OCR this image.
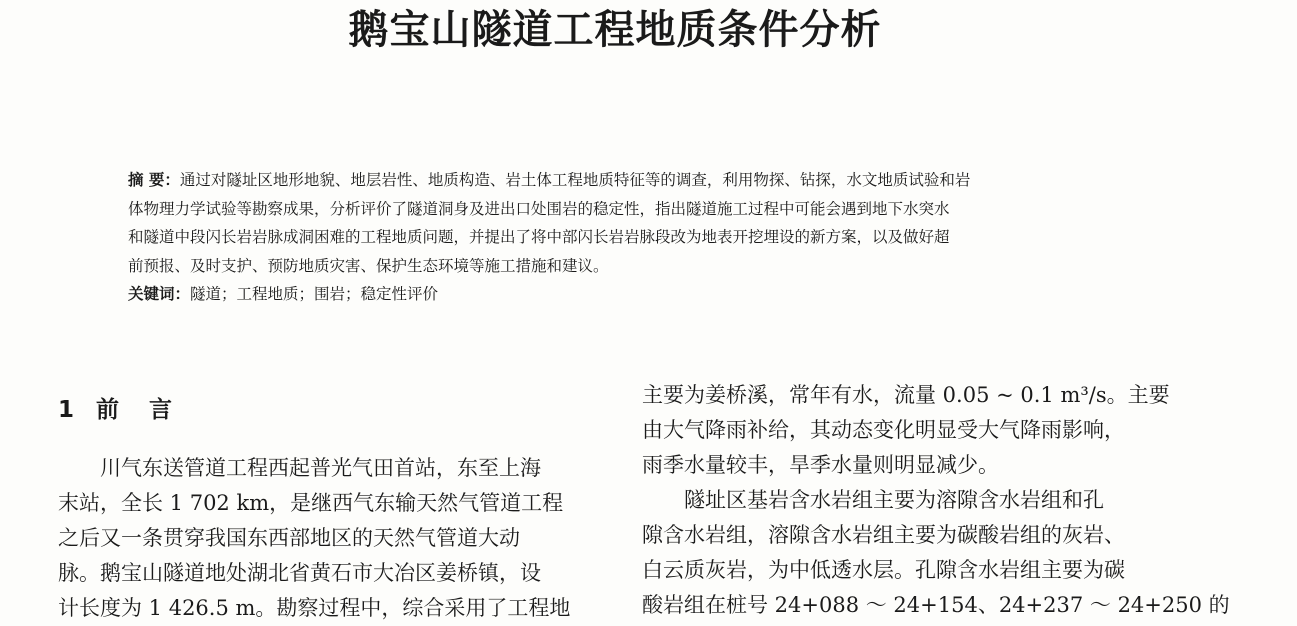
鹅宝山隧道工程地质条件分析

摘 要：通过对隧址区地形地貌、地层岩性、地质构造、岩土体工程地质特征等的调查，利用物探、钻探，水文地质试验和岩

体物理力学试验等勘察成果，分析评价了隧道洞身及进出口处围岩的稳定性，指出隧道施工过程中可能会遇到地下水突水

和隧道中段闪长岩岩脉成洞困难的工程地质问题，并提出了将中部闪长岩岩脉段改为地表开挖埋设的新方案，以及做好超

前预报、及时支护、预防地质灾害、保护生态环境等施工措施和建议。

关键词：隧道；工程地质；围岩；稳定性评价

1 前言

　　川气东送管道工程西起普光气田首站，东至上海

末站，全长 1 702 km，是继西气东输天然气管道工程

之后又一条贯穿我国东西部地区的天然气管道大动

脉。鹅宝山隧道地处湖北省黄石市大冶区姜桥镇，设

计长度为 1 426.5 m。勘察过程中，综合采用了工程地

主要为姜桥溪，常年有水，流量 0.05 ~ 0.1 m³/s。主要

由大气降雨补给，其动态变化明显受大气降雨影响，

雨季水量较丰，旱季水量则明显减少。

　　隧址区基岩含水岩组主要为溶隙含水岩组和孔

隙含水岩组，溶隙含水岩组主要为碳酸岩组的灰岩、

白云质灰岩，为中低透水层。孔隙含水岩组主要为碳

酸岩组在桩号 24+088 ～ 24+154、24+237 ～ 24+250 的
